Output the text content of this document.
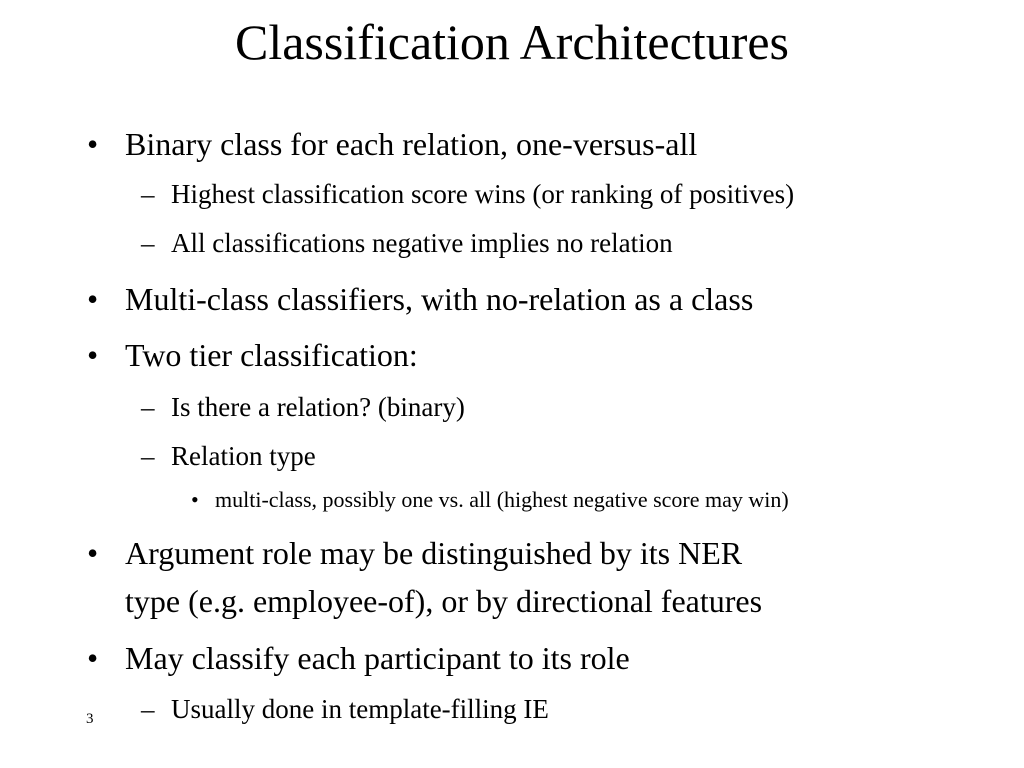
Classification Architectures
• Binary class for each relation, one-versus-all
– Highest classification score wins (or ranking of positives)
– All classifications negative implies no relation
• Multi-class classifiers, with no-relation as a class
• Two tier classification:
– Is there a relation? (binary)
– Relation type
• multi-class, possibly one vs. all (highest negative score may win)
• Argument role may be distinguished by its NER
type (e.g. employee-of), or by directional features
• May classify each participant to its role
– Usually done in template-filling IE
3
